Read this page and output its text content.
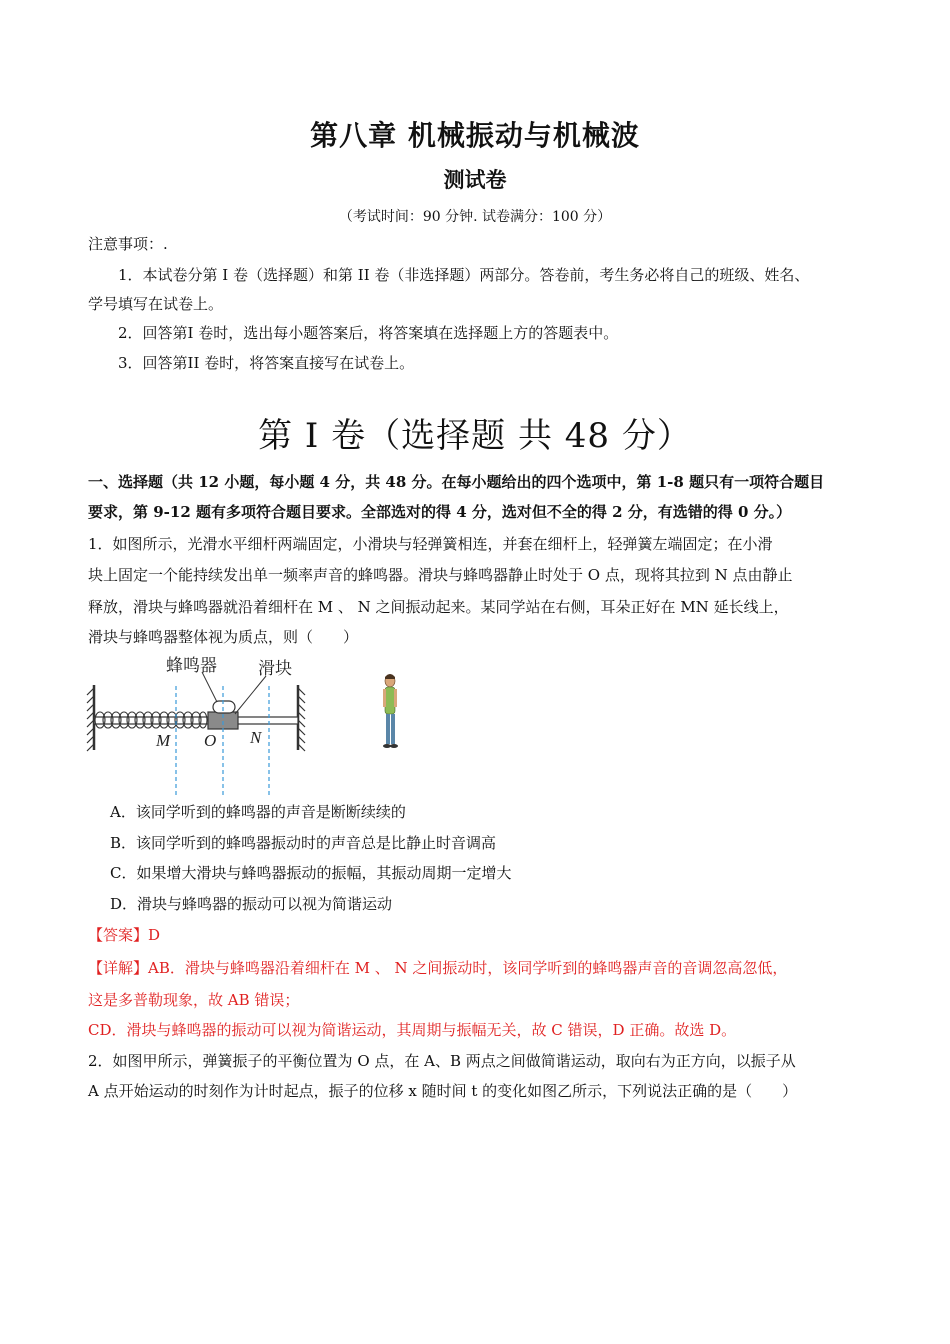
第八章 机械振动与机械波
测试卷
（考试时间：90 分钟. 试卷满分：100 分）
注意事项：.
1．本试卷分第 I 卷（选择题）和第 II 卷（非选择题）两部分。答卷前，考生务必将自己的班级、姓名、
学号填写在试卷上。
2．回答第I 卷时，选出每小题答案后，将答案填在选择题上方的答题表中。
3．回答第II 卷时，将答案直接写在试卷上。
第 I 卷（选择题 共 48 分）
一、选择题（共 12 小题，每小题 4 分，共 48 分。在每小题给出的四个选项中，第 1-8 题只有一项符合题目
要求，第 9-12 题有多项符合题目要求。全部选对的得 4 分，选对但不全的得 2 分，有选错的得 0 分。）
1．如图所示，光滑水平细杆两端固定，小滑块与轻弹簧相连，并套在细杆上，轻弹簧左端固定；在小滑
块上固定一个能持续发出单一频率声音的蜂鸣器。滑块与蜂鸣器静止时处于 O 点，现将其拉到 N 点由静止
释放，滑块与蜂鸣器就沿着细杆在 M 、 N 之间振动起来。某同学站在右侧，耳朵正好在 MN 延长线上，
滑块与蜂鸣器整体视为质点，则（　　）
蜂鸣器 滑块
M O N
A．该同学听到的蜂鸣器的声音是断断续续的
B．该同学听到的蜂鸣器振动时的声音总是比静止时音调高
C．如果增大滑块与蜂鸣器振动的振幅，其振动周期一定增大
D．滑块与蜂鸣器的振动可以视为简谐运动
【答案】D
【详解】AB．滑块与蜂鸣器沿着细杆在 M 、 N 之间振动时，该同学听到的蜂鸣器声音的音调忽高忽低，
这是多普勒现象，故 AB 错误；
CD．滑块与蜂鸣器的振动可以视为简谐运动，其周期与振幅无关，故 C 错误，D 正确。故选 D。
2．如图甲所示，弹簧振子的平衡位置为 O 点，在 A、B 两点之间做简谐运动，取向右为正方向，以振子从
A 点开始运动的时刻作为计时起点，振子的位移 x 随时间 t 的变化如图乙所示，下列说法正确的是（　　）
